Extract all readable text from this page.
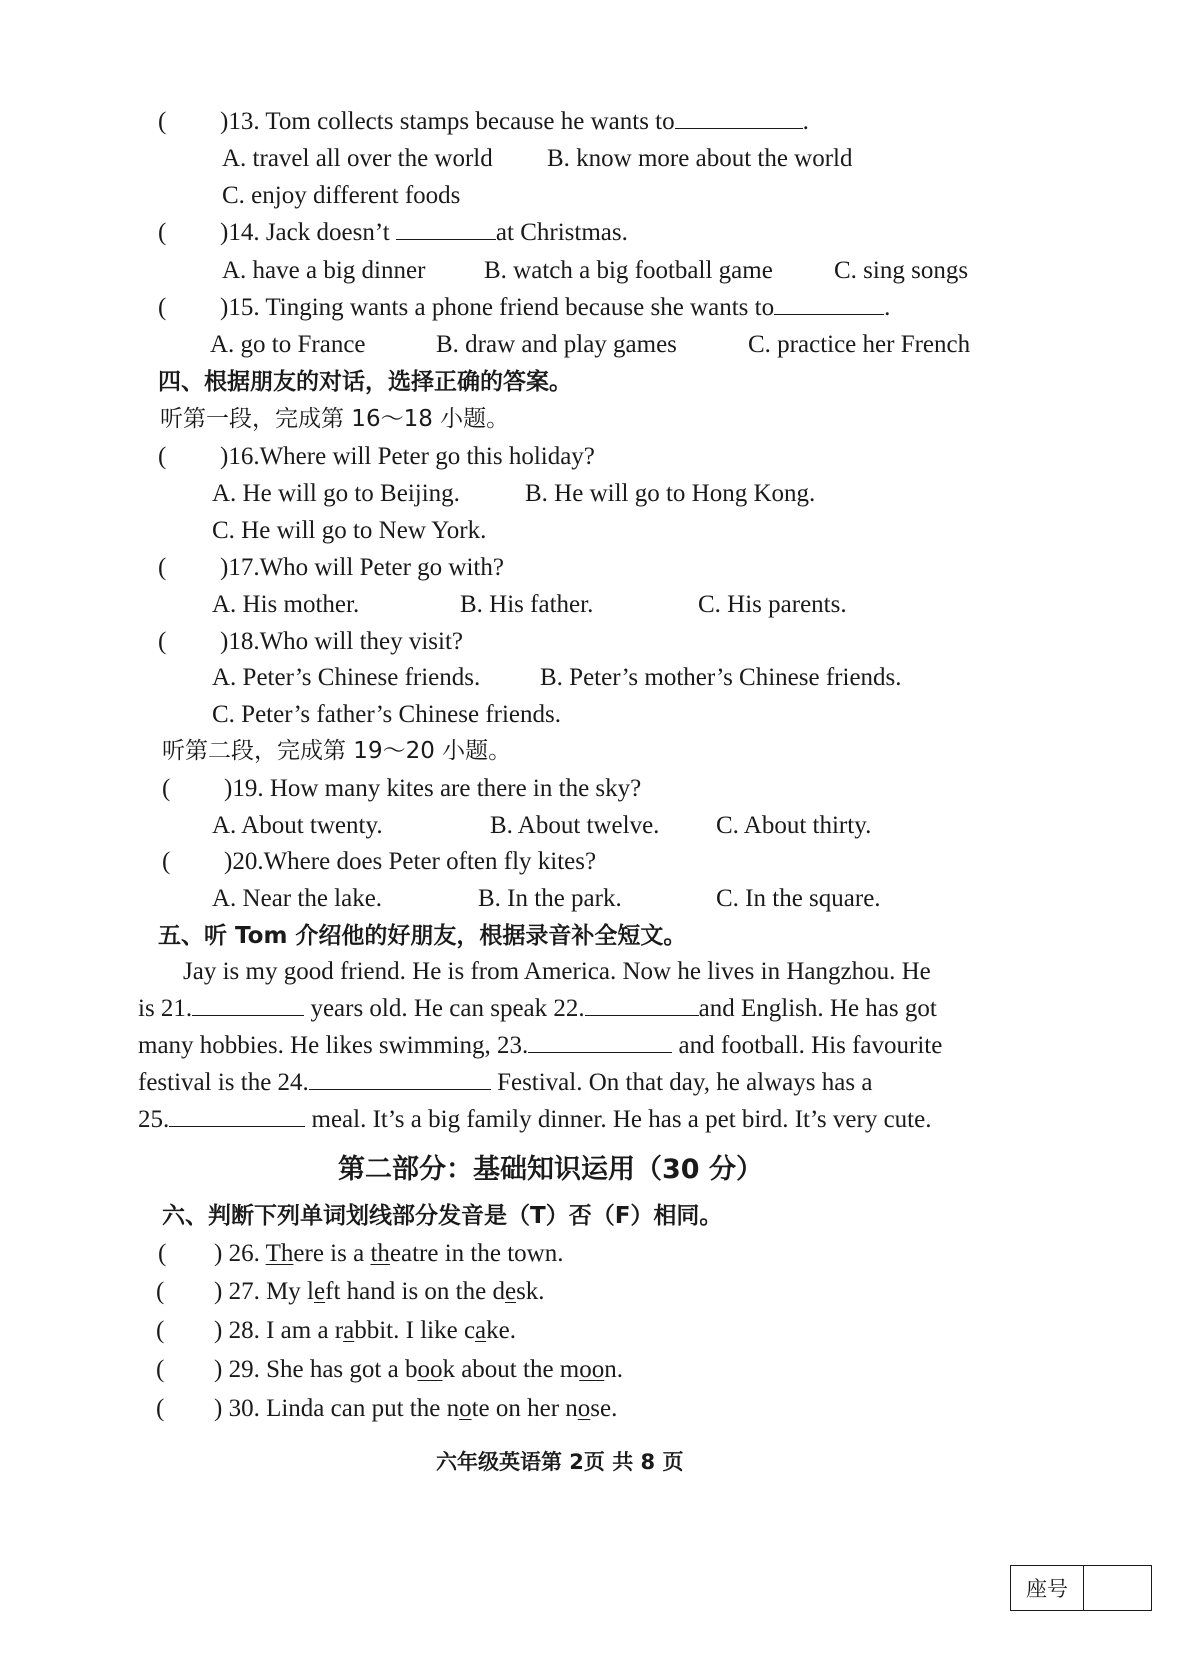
( )13. Tom collects stamps because he wants to	.
A. travel all over the world B. know more about the world
C. enjoy different foods
( )14. Jack doesn’t	at Christmas.
A. have a big dinner B. watch a big football game C. sing songs
( )15. Tinging wants a phone friend because she wants to	.
A. go to France	B. draw and play games	C. practice her French
四、根据朋友的对话，选择正确的答案。
听第一段，完成第 16～18 小题。
( )16.Where will Peter go this holiday?
A. He will go to Beijing.	B. He will go to Hong Kong.
C. He will go to New York.
( )17.Who will Peter go with?
A. His mother.	B. His father.	C. His parents.
( )18.Who will they visit?
A. Peter’s Chinese friends. B. Peter’s mother’s Chinese friends.
C. Peter’s father’s Chinese friends.
听第二段，完成第 19～20 小题。
( )19. How many kites are there in the sky?
A. About twenty.	B. About twelve. C. About thirty.
( )20.Where does Peter often fly kites?
A. Near the lake.	B. In the park.	C. In the square.
五、听 Tom 介绍他的好朋友，根据录音补全短文。
Jay is my good friend. He is from America. Now he lives in Hangzhou. He
is 21.	years old. He can speak 22.	and English. He has got
many hobbies. He likes swimming, 23.	and football. His favourite
festival is the 24.	Festival. On that day, he always has a
25.	meal. It’s a big family dinner. He has a pet bird. It’s very cute.
第二部分：基础知识运用（30 分）
六、判断下列单词划线部分发音是（T）否（F）相同。
( ) 26. There is a theatre in the town.
( ) 27. My left hand is on the desk.
( ) 28. I am a rabbit. I like cake.
( ) 29. She has got a book about the moon.
( ) 30. Linda can put the note on her nose.
六年级英语第 2页 共 8 页
座号
